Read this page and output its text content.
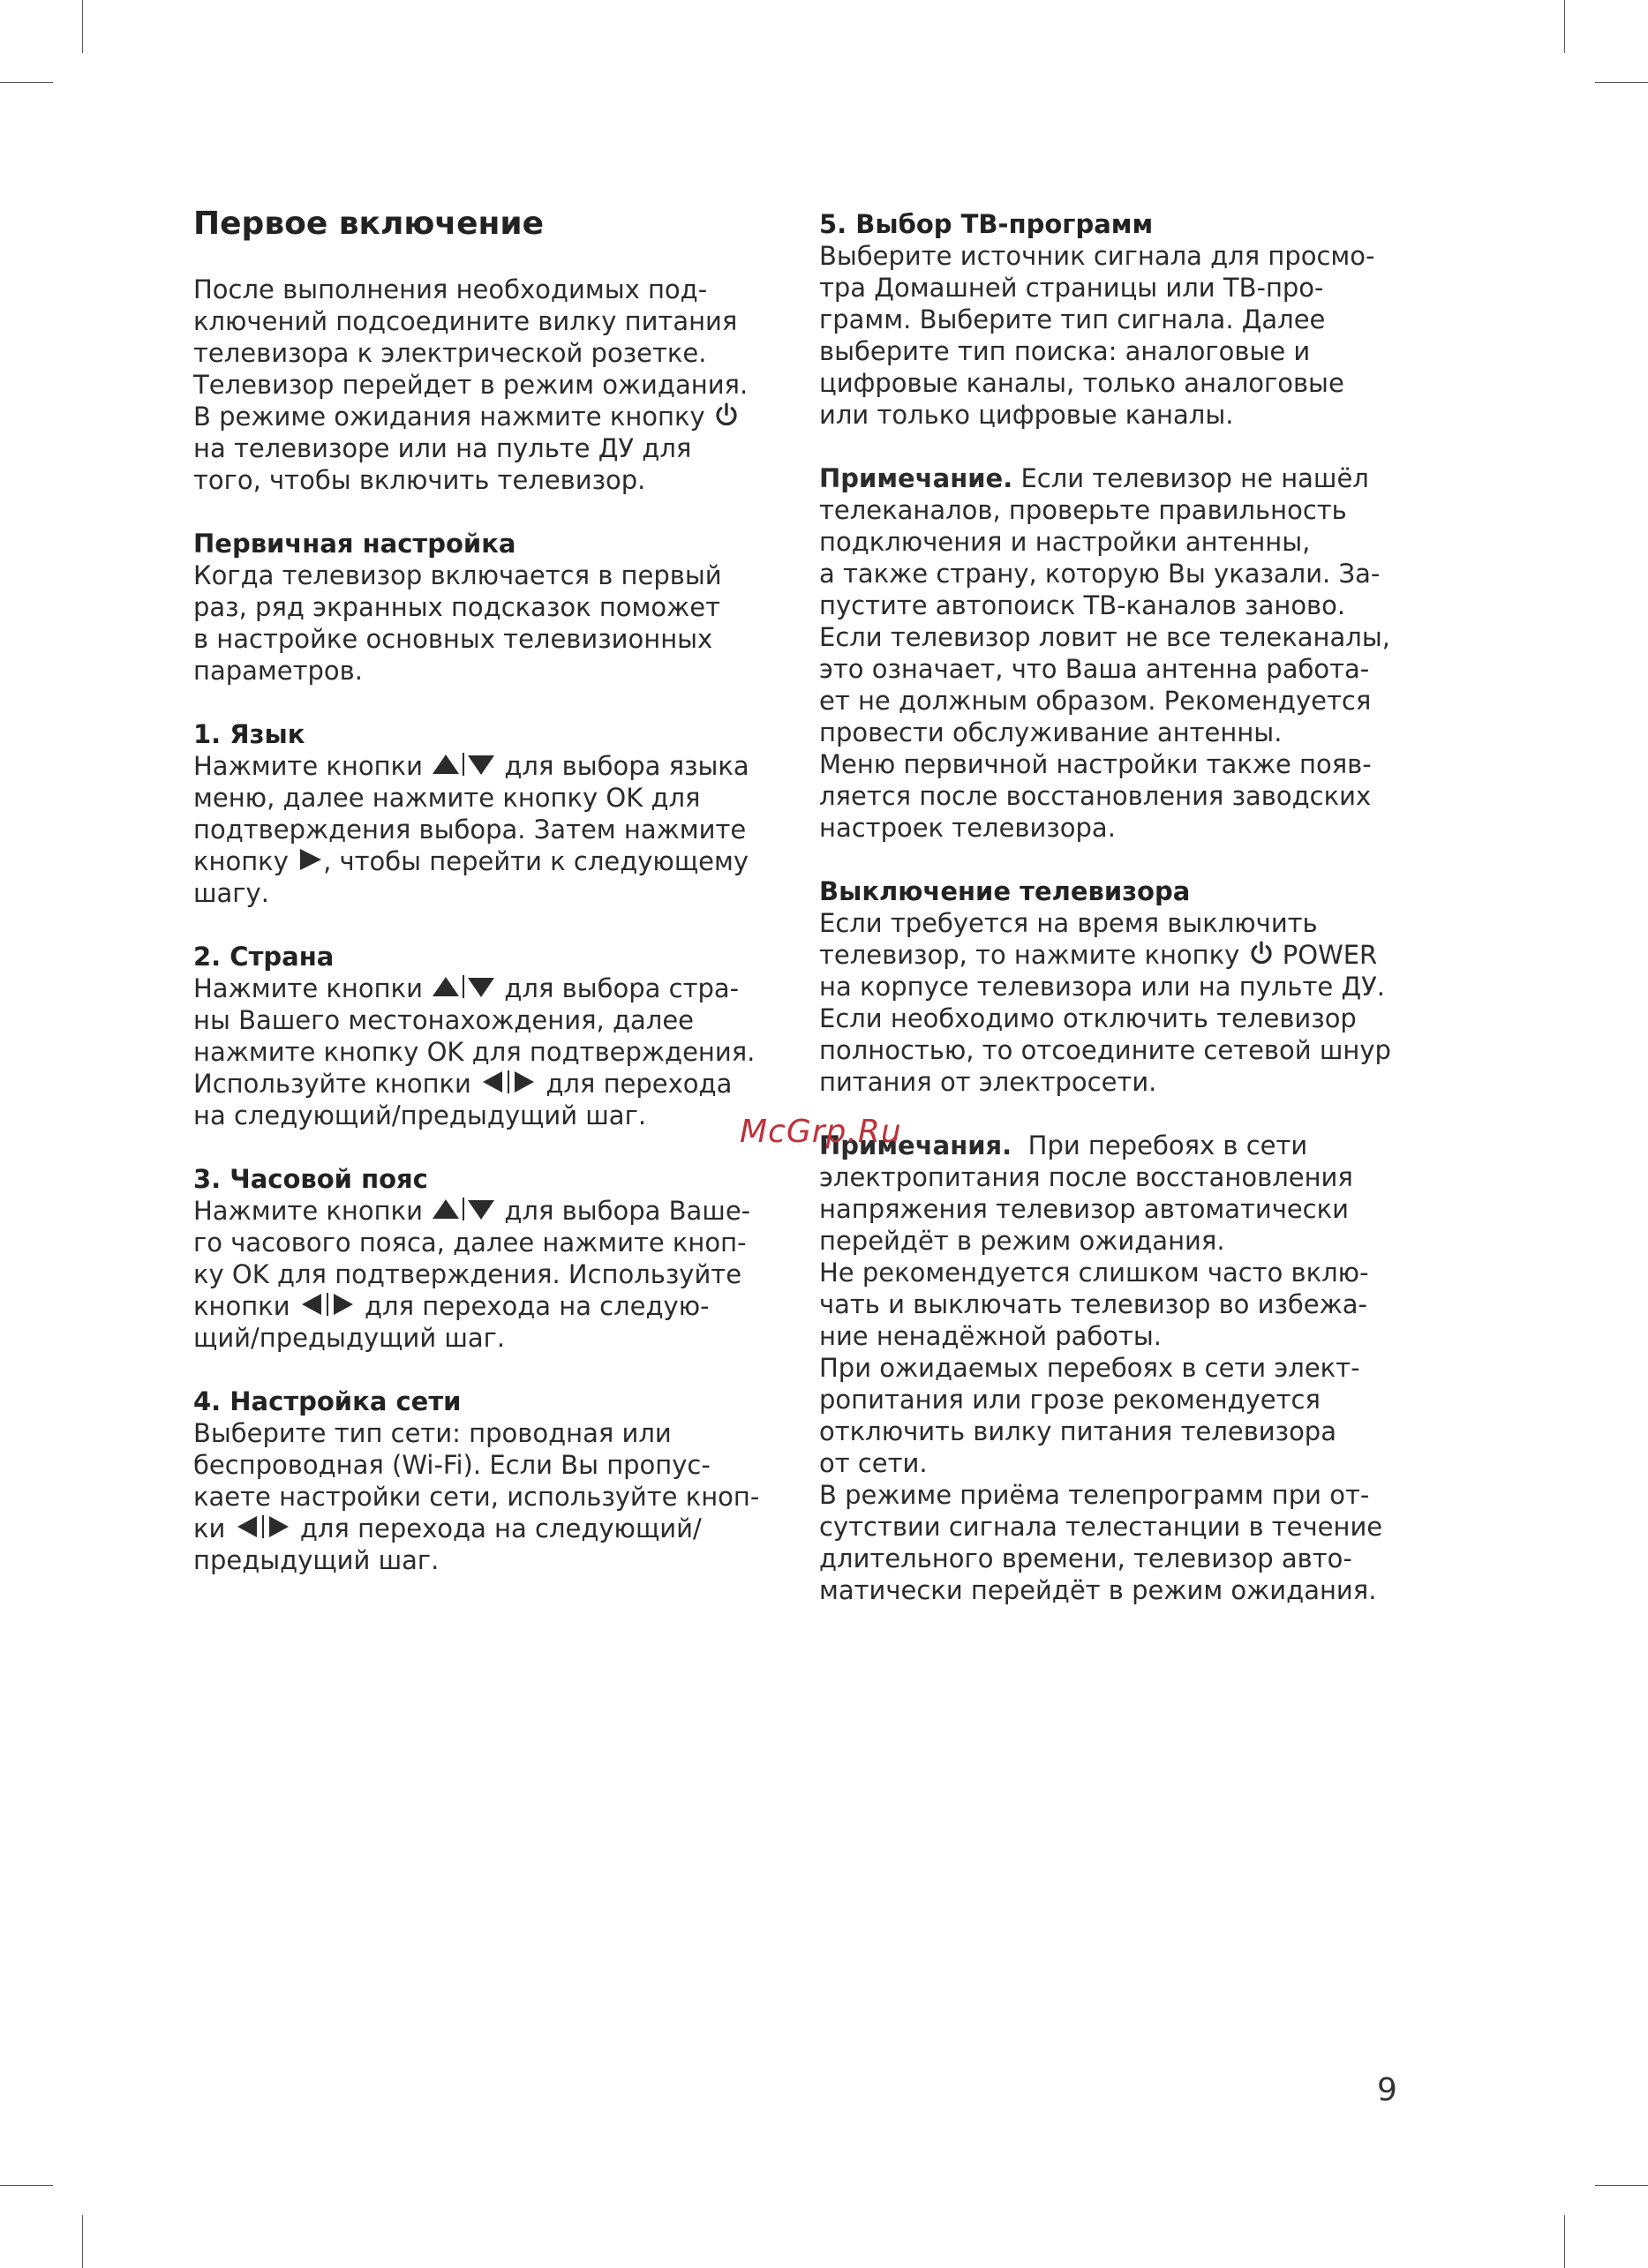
Первое включение
После выполнения необходимых под-
ключений подсоедините вилку питания
телевизора к электрической розетке.
Телевизор перейдет в режим ожидания.
В режиме ожидания нажмите кнопку
на телевизоре или на пульте ДУ для
того, чтобы включить телевизор.
Первичная настройка
Когда телевизор включается в первый
раз, ряд экранных подсказок поможет
в настройке основных телевизионных
параметров.
1. Язык
Нажмите кнопки	для выбора языка
меню, далее нажмите кнопку OK для
подтверждения выбора. Затем нажмите
кнопку , чтобы перейти к следующему
шагу.
2. Страна
Нажмите кнопки	для выбора стра-
ны Вашего местонахождения, далее
нажмите кнопку OK для подтверждения.
Используйте кнопки	для перехода
на следующий/предыдущий шаг.
3. Часовой пояс
Нажмите кнопки	для выбора Ваше-
го часового пояса, далее нажмите кноп-
ку OK для подтверждения. Используйте
кнопки	для перехода на следую-
щий/предыдущий шаг.
4. Настройка сети
Выберите тип сети: проводная или
беспроводная (Wi-Fi). Если Вы пропус-
каете настройки сети, используйте кноп-
ки	для перехода на следующий/
предыдущий шаг.
5. Выбор ТВ-программ
Выберите источник сигнала для просмо-
тра Домашней страницы или ТВ-про-
грамм. Выберите тип сигнала. Далее
выберите тип поиска: аналоговые и
цифровые каналы, только аналоговые
или только цифровые каналы.
Примечание. Если телевизор не нашёл
телеканалов, проверьте правильность
подключения и настройки антенны,
а также страну, которую Вы указали. За-
пустите автопоиск ТВ-каналов заново.
Если телевизор ловит не все телеканалы,
это означает, что Ваша антенна работа-
ет не должным образом. Рекомендуется
провести обслуживание антенны.
Меню первичной настройки также появ-
ляется после восстановления заводских
настроек телевизора.
Выключение телевизора
Если требуется на время выключить
телевизор, то нажмите кнопку POWER
на корпусе телевизора или на пульте ДУ.
Если необходимо отключить телевизор
полностью, то отсоедините сетевой шнур
питания от электросети.
Примечания.  При перебоях в сети
электропитания после восстановления
напряжения телевизор автоматически
перейдёт в режим ожидания.
Не рекомендуется слишком часто вклю-
чать и выключать телевизор во избежа-
ние ненадёжной работы.
При ожидаемых перебоях в сети элект-
ропитания или грозе рекомендуется
отключить вилку питания телевизора
от сети.
В режиме приёма телепрограмм при от-
сутствии сигнала телестанции в течение
длительного времени, телевизор авто-
матически перейдёт в режим ожидания.
McGrp.Ru
9
